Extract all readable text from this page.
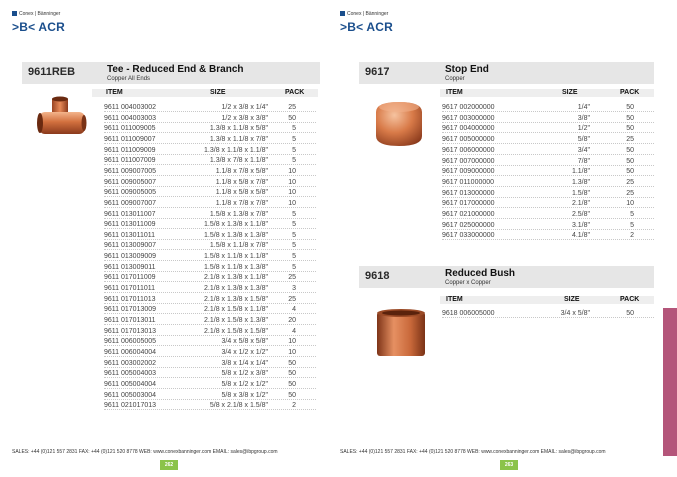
Conex | Bänninger
>B< ACR
9611REB	Tee - Reduced End & Branch
Copper All Ends
ITEM	SIZE	PACK
9611 004003002	1/2 x 3/8 x 1/4"	25
9611 004003003	1/2 x 3/8 x 3/8"	50
9611 011009005	1.3/8 x 1.1/8 x 5/8"	5
9611 011009007	1.3/8 x 1.1/8 x 7/8"	5
9611 011009009	1.3/8 x 1.1/8 x 1.1/8"	5
9611 011007009	1.3/8 x 7/8 x 1.1/8"	5
9611 009007005	1.1/8 x 7/8 x 5/8"	10
9611 009005007	1.1/8 x 5/8 x 7/8"	10
9611 009005005	1.1/8 x 5/8 x 5/8"	10
9611 009007007	1.1/8 x 7/8 x 7/8"	10
9611 013011007	1.5/8 x 1.3/8 x 7/8"	5
9611 013011009	1.5/8 x 1.3/8 x 1.1/8"	5
9611 013011011	1.5/8 x 1.3/8 x 1.3/8"	5
9611 013009007	1.5/8 x 1.1/8 x 7/8"	5
9611 013009009	1.5/8 x 1.1/8 x 1.1/8"	5
9611 013009011	1.5/8 x 1.1/8 x 1.3/8"	5
9611 017011009	2.1/8 x 1.3/8 x 1.1/8"	25
9611 017011011	2.1/8 x 1.3/8 x 1.3/8"	3
9611 017011013	2.1/8 x 1.3/8 x 1.5/8"	25
9611 017013009	2.1/8 x 1.5/8 x 1.1/8"	4
9611 017013011	2.1/8 x 1.5/8 x 1.3/8"	20
9611 017013013	2.1/8 x 1.5/8 x 1.5/8"	4
9611 006005005	3/4 x 5/8 x 5/8"	10
9611 006004004	3/4 x 1/2 x 1/2"	10
9611 003002002	3/8 x 1/4 x 1/4"	50
9611 005004003	5/8 x 1/2 x 3/8"	50
9611 005004004	5/8 x 1/2 x 1/2"	50
9611 005003004	5/8 x 3/8 x 1/2"	50
9611 021017013	5/8 x 2.1/8 x 1.5/8"	2
SALES: +44 (0)121 557 2831 FAX: +44 (0)121 520 8778 WEB: www.conexbanninger.com EMAIL: sales@ibpgroup.com
262
Conex | Bänninger
>B< ACR
9617	Stop End
Copper
ITEM	SIZE	PACK
9617 002000000	1/4"	50
9617 003000000	3/8"	50
9617 004000000	1/2"	50
9617 005000000	5/8"	25
9617 006000000	3/4"	50
9617 007000000	7/8"	50
9617 009000000	1.1/8"	50
9617 011000000	1.3/8"	25
9617 013000000	1.5/8"	25
9617 017000000	2.1/8"	10
9617 021000000	2.5/8"	5
9617 025000000	3.1/8"	5
9617 033000000	4.1/8"	2
9618	Reduced Bush
Copper x Copper
ITEM	SIZE	PACK
9618 006005000	3/4 x 5/8"	50
SALES: +44 (0)121 557 2831 FAX: +44 (0)121 520 8778 WEB: www.conexbanninger.com EMAIL: sales@ibpgroup.com
263
